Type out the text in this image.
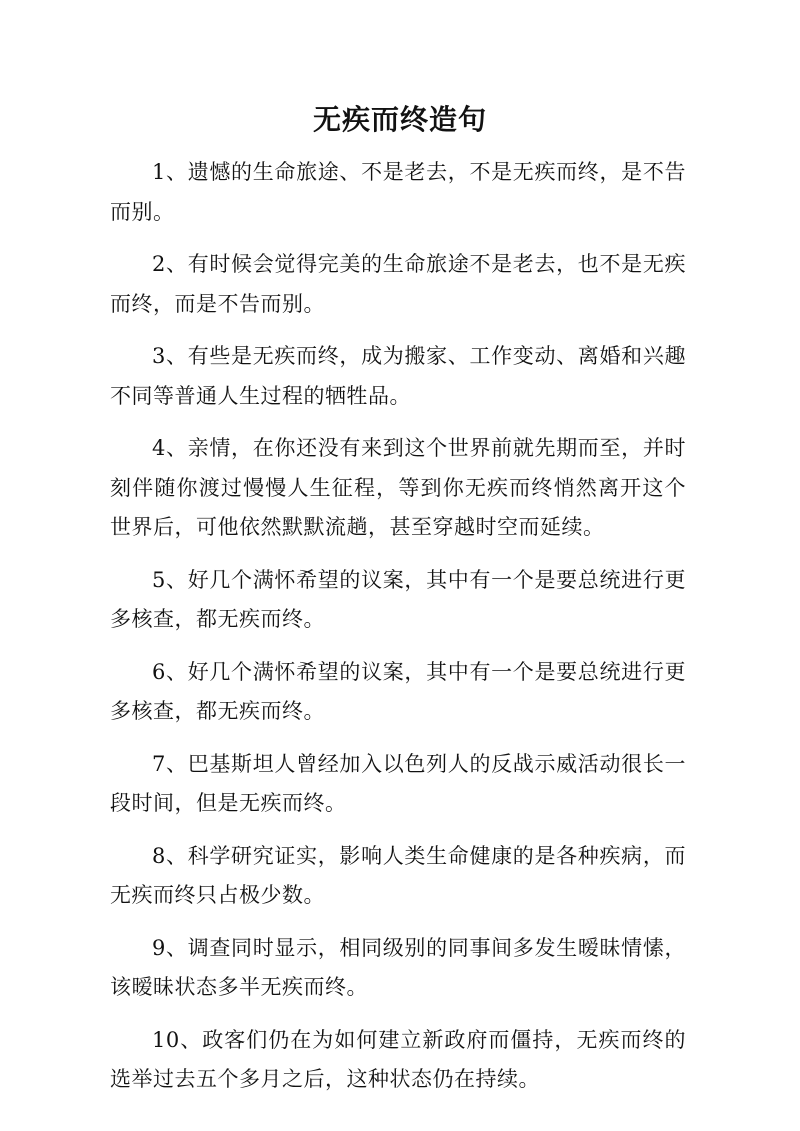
无疾而终造句

1、遗憾的生命旅途、不是老去，不是无疾而终，是不告而别。

2、有时候会觉得完美的生命旅途不是老去，也不是无疾而终，而是不告而别。

3、有些是无疾而终，成为搬家、工作变动、离婚和兴趣不同等普通人生过程的牺牲品。

4、亲情，在你还没有来到这个世界前就先期而至，并时刻伴随你渡过慢慢人生征程，等到你无疾而终悄然离开这个世界后，可他依然默默流趟，甚至穿越时空而延续。

5、好几个满怀希望的议案，其中有一个是要总统进行更多核查，都无疾而终。

6、好几个满怀希望的议案，其中有一个是要总统进行更多核查，都无疾而终。

7、巴基斯坦人曾经加入以色列人的反战示威活动很长一段时间，但是无疾而终。

8、科学研究证实，影响人类生命健康的是各种疾病，而无疾而终只占极少数。

9、调查同时显示，相同级别的同事间多发生暧昧情愫，该暧昧状态多半无疾而终。

10、政客们仍在为如何建立新政府而僵持，无疾而终的选举过去五个多月之后，这种状态仍在持续。
